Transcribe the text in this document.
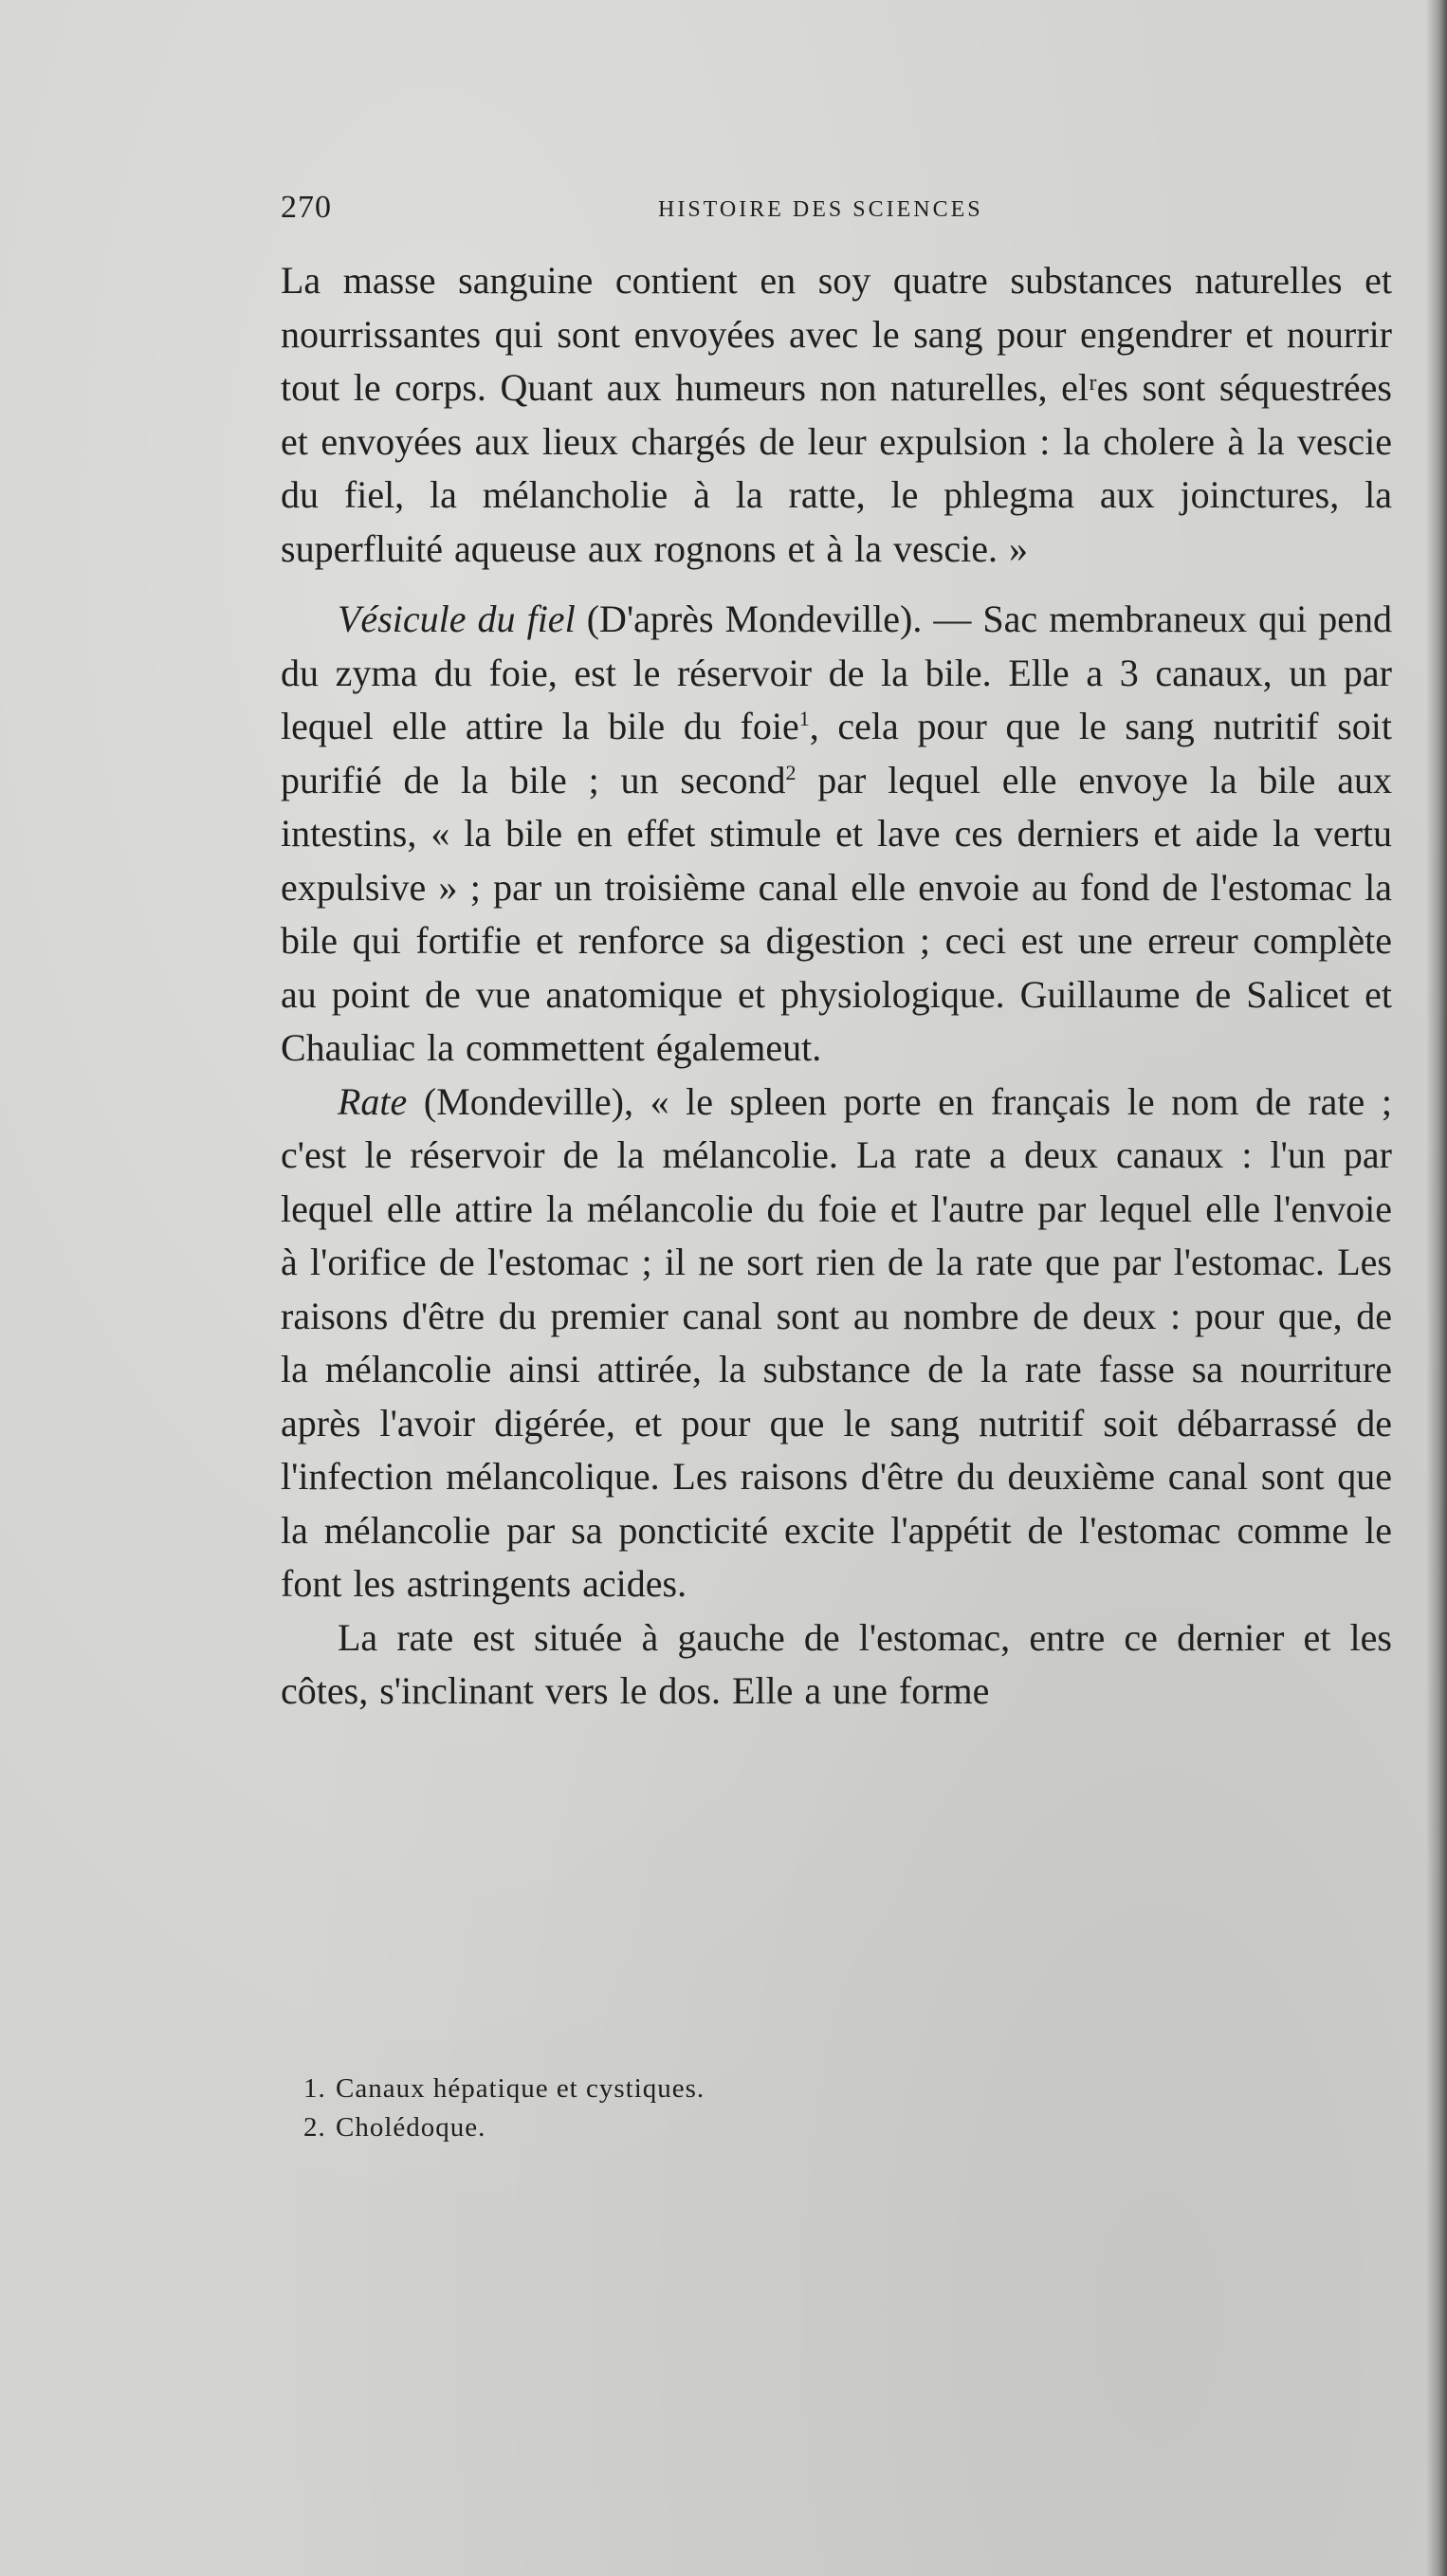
270	HISTOIRE DES SCIENCES

La masse sanguine contient en soy quatre substances naturelles et nourrissantes qui sont envoyées avec le sang pour engendrer et nourrir tout le corps. Quant aux humeurs non naturelles, elʳes sont séquestrées et envoyées aux lieux chargés de leur expulsion : la cholere à la vescie du fiel, la mélancholie à la ratte, le phlegma aux joinctures, la superfluité aqueuse aux rognons et à la vescie. »

Vésicule du fiel (D'après Mondeville). — Sac membraneux qui pend du zyma du foie, est le réservoir de la bile. Elle a 3 canaux, un par lequel elle attire la bile du foie$^1$, cela pour que le sang nutritif soit purifié de la bile ; un second$^2$ par lequel elle envoye la bile aux intestins, « la bile en effet stimule et lave ces derniers et aide la vertu expulsive » ; par un troisième canal elle envoie au fond de l'estomac la bile qui fortifie et renforce sa digestion ; ceci est une erreur complète au point de vue anatomique et physiologique. Guillaume de Salicet et Chauliac la commettent égalemeut.

Rate (Mondeville), « le spleen porte en français le nom de rate ; c'est le réservoir de la mélancolie. La rate a deux canaux : l'un par lequel elle attire la mélancolie du foie et l'autre par lequel elle l'envoie à l'orifice de l'estomac ; il ne sort rien de la rate que par l'estomac. Les raisons d'être du premier canal sont au nombre de deux : pour que, de la mélancolie ainsi attirée, la substance de la rate fasse sa nourriture après l'avoir digérée, et pour que le sang nutritif soit débarrassé de l'infection mélancolique. Les raisons d'être du deuxième canal sont que la mélancolie par sa poncticité excite l'appétit de l'estomac comme le font les astringents acides.

La rate est située à gauche de l'estomac, entre ce dernier et les côtes, s'inclinant vers le dos. Elle a une forme

1. Canaux hépatique et cystiques.

2. Cholédoque.
